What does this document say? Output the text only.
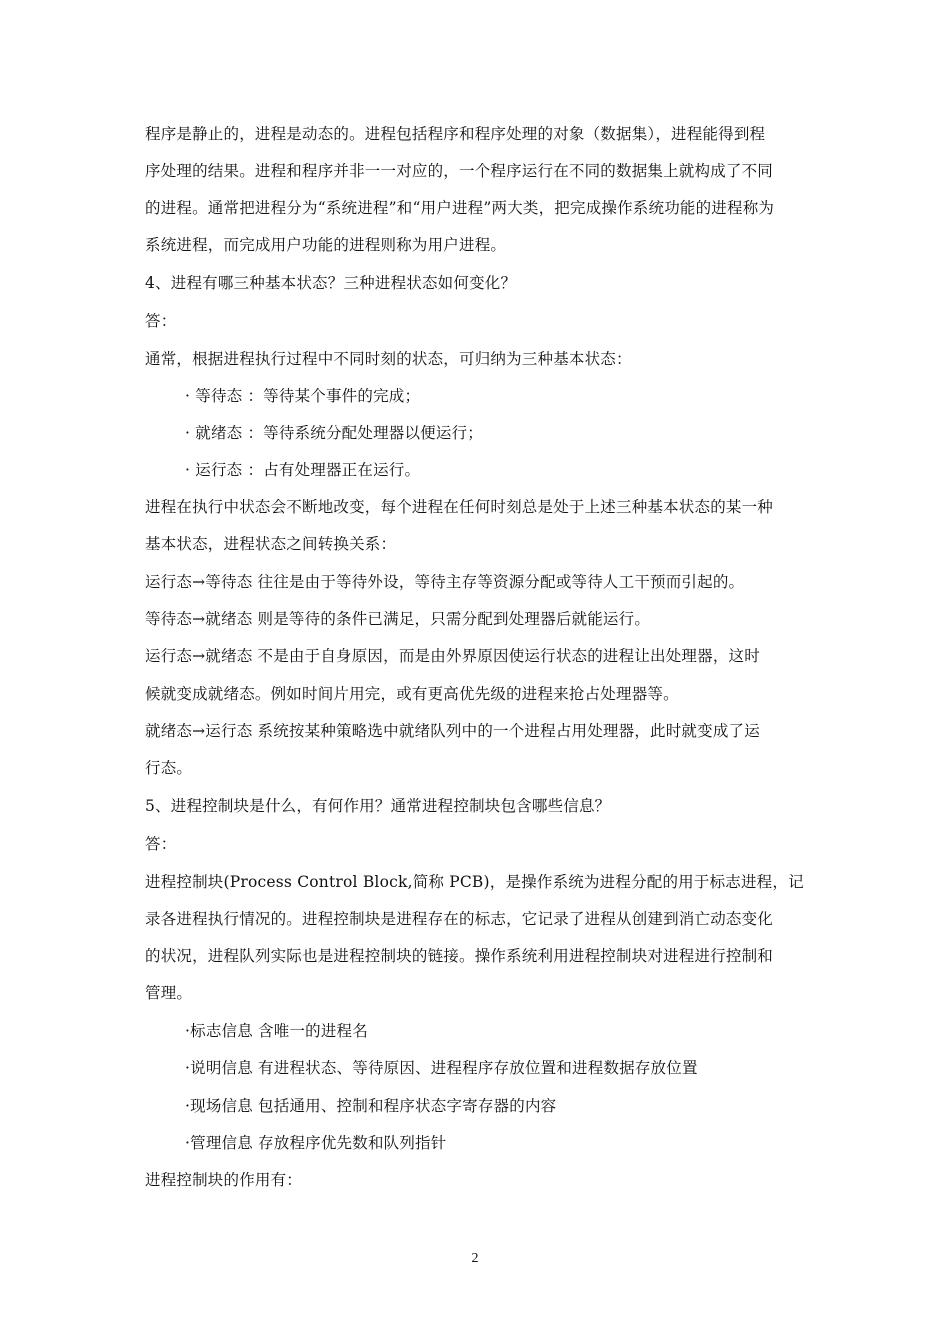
程序是静止的，进程是动态的。进程包括程序和程序处理的对象（数据集），进程能得到程
序处理的结果。进程和程序并非一一对应的，一个程序运行在不同的数据集上就构成了不同
的进程。通常把进程分为“系统进程”和“用户进程”两大类，把完成操作系统功能的进程称为
系统进程，而完成用户功能的进程则称为用户进程。
4、进程有哪三种基本状态？三种进程状态如何变化？
答：
通常，根据进程执行过程中不同时刻的状态，可归纳为三种基本状态：
· 等待态 ：等待某个事件的完成；
· 就绪态 ：等待系统分配处理器以便运行；
· 运行态 ：占有处理器正在运行。
进程在执行中状态会不断地改变，每个进程在任何时刻总是处于上述三种基本状态的某一种
基本状态，进程状态之间转换关系：
运行态→等待态 往往是由于等待外设，等待主存等资源分配或等待人工干预而引起的。
等待态→就绪态 则是等待的条件已满足，只需分配到处理器后就能运行。
运行态→就绪态 不是由于自身原因，而是由外界原因使运行状态的进程让出处理器，这时
候就变成就绪态。例如时间片用完，或有更高优先级的进程来抢占处理器等。
就绪态→运行态 系统按某种策略选中就绪队列中的一个进程占用处理器，此时就变成了运
行态。
5、进程控制块是什么，有何作用？通常进程控制块包含哪些信息？
答：
进程控制块(Process Control Block,简称 PCB)，是操作系统为进程分配的用于标志进程，记
录各进程执行情况的。进程控制块是进程存在的标志，它记录了进程从创建到消亡动态变化
的状况，进程队列实际也是进程控制块的链接。操作系统利用进程控制块对进程进行控制和
管理。
·标志信息 含唯一的进程名
·说明信息 有进程状态、等待原因、进程程序存放位置和进程数据存放位置
·现场信息 包括通用、控制和程序状态字寄存器的内容
·管理信息 存放程序优先数和队列指针
进程控制块的作用有：
2
